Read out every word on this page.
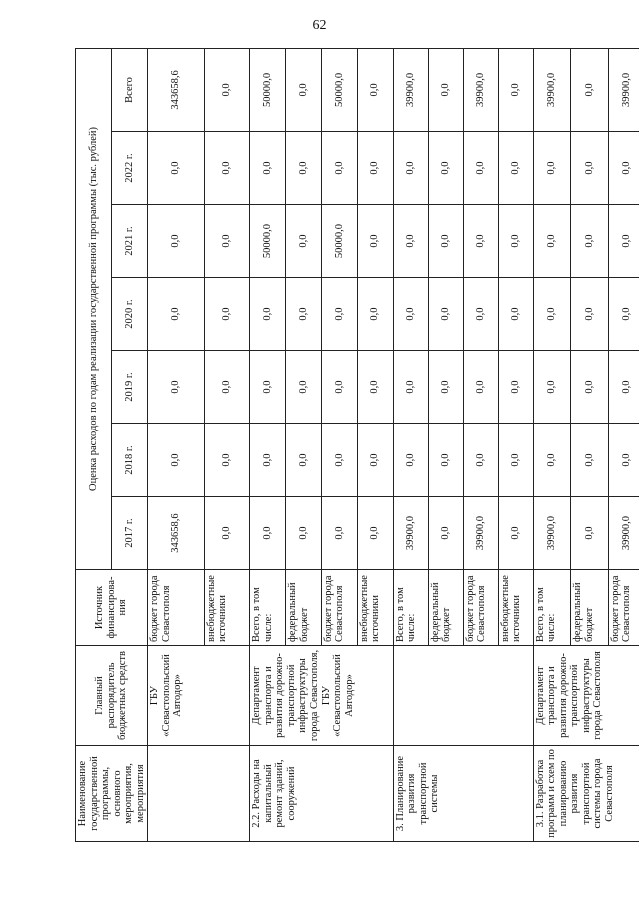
62
Наименование государственной программы, основного мероприятия, мероприятия	Главный распорядитель бюджетных средств	Источник финансирова-ния	Оценка расходов по годам реализации государственной программы (тыс. рублей)						
			2017 г.	2018 г.	2019 г.	2020 г.	2021 г.	2022 г.	Всего
	ГБУ «Севастопольский Автодор»	бюджет города Севастополя	343658,6	0,0	0,0	0,0	0,0	0,0	343658,6
		внебюджетные источники	0,0	0,0	0,0	0,0	0,0	0,0	0,0
2.2. Расходы на капитальный ремонт зданий, сооружений	Департамент транспорта и развития дорожно-транспортной инфраструктуры города Севастополя, ГБУ «Севастопольский Автодор»	Всего, в том числе:	0,0	0,0	0,0	0,0	50000,0	0,0	50000,0
		федеральный бюджет	0,0	0,0	0,0	0,0	0,0	0,0	0,0
		бюджет города Севастополя	0,0	0,0	0,0	0,0	50000,0	0,0	50000,0
		внебюджетные источники	0,0	0,0	0,0	0,0	0,0	0,0	0,0
3. Планирование развития транспортной системы		Всего, в том числе:	39900,0	0,0	0,0	0,0	0,0	0,0	39900,0
		федеральный бюджет	0,0	0,0	0,0	0,0	0,0	0,0	0,0
		бюджет города Севастополя	39900,0	0,0	0,0	0,0	0,0	0,0	39900,0
		внебюджетные источники	0,0	0,0	0,0	0,0	0,0	0,0	0,0
3.1. Разработка программ и схем по планированию развития транспортной системы города Севастополя	Департамент транспорта и развития дорожно-транспортной инфраструктуры города Севастополя	Всего, в том числе:	39900,0	0,0	0,0	0,0	0,0	0,0	39900,0
		федеральный бюджет	0,0	0,0	0,0	0,0	0,0	0,0	0,0
		бюджет города Севастополя	39900,0	0,0	0,0	0,0	0,0	0,0	39900,0
